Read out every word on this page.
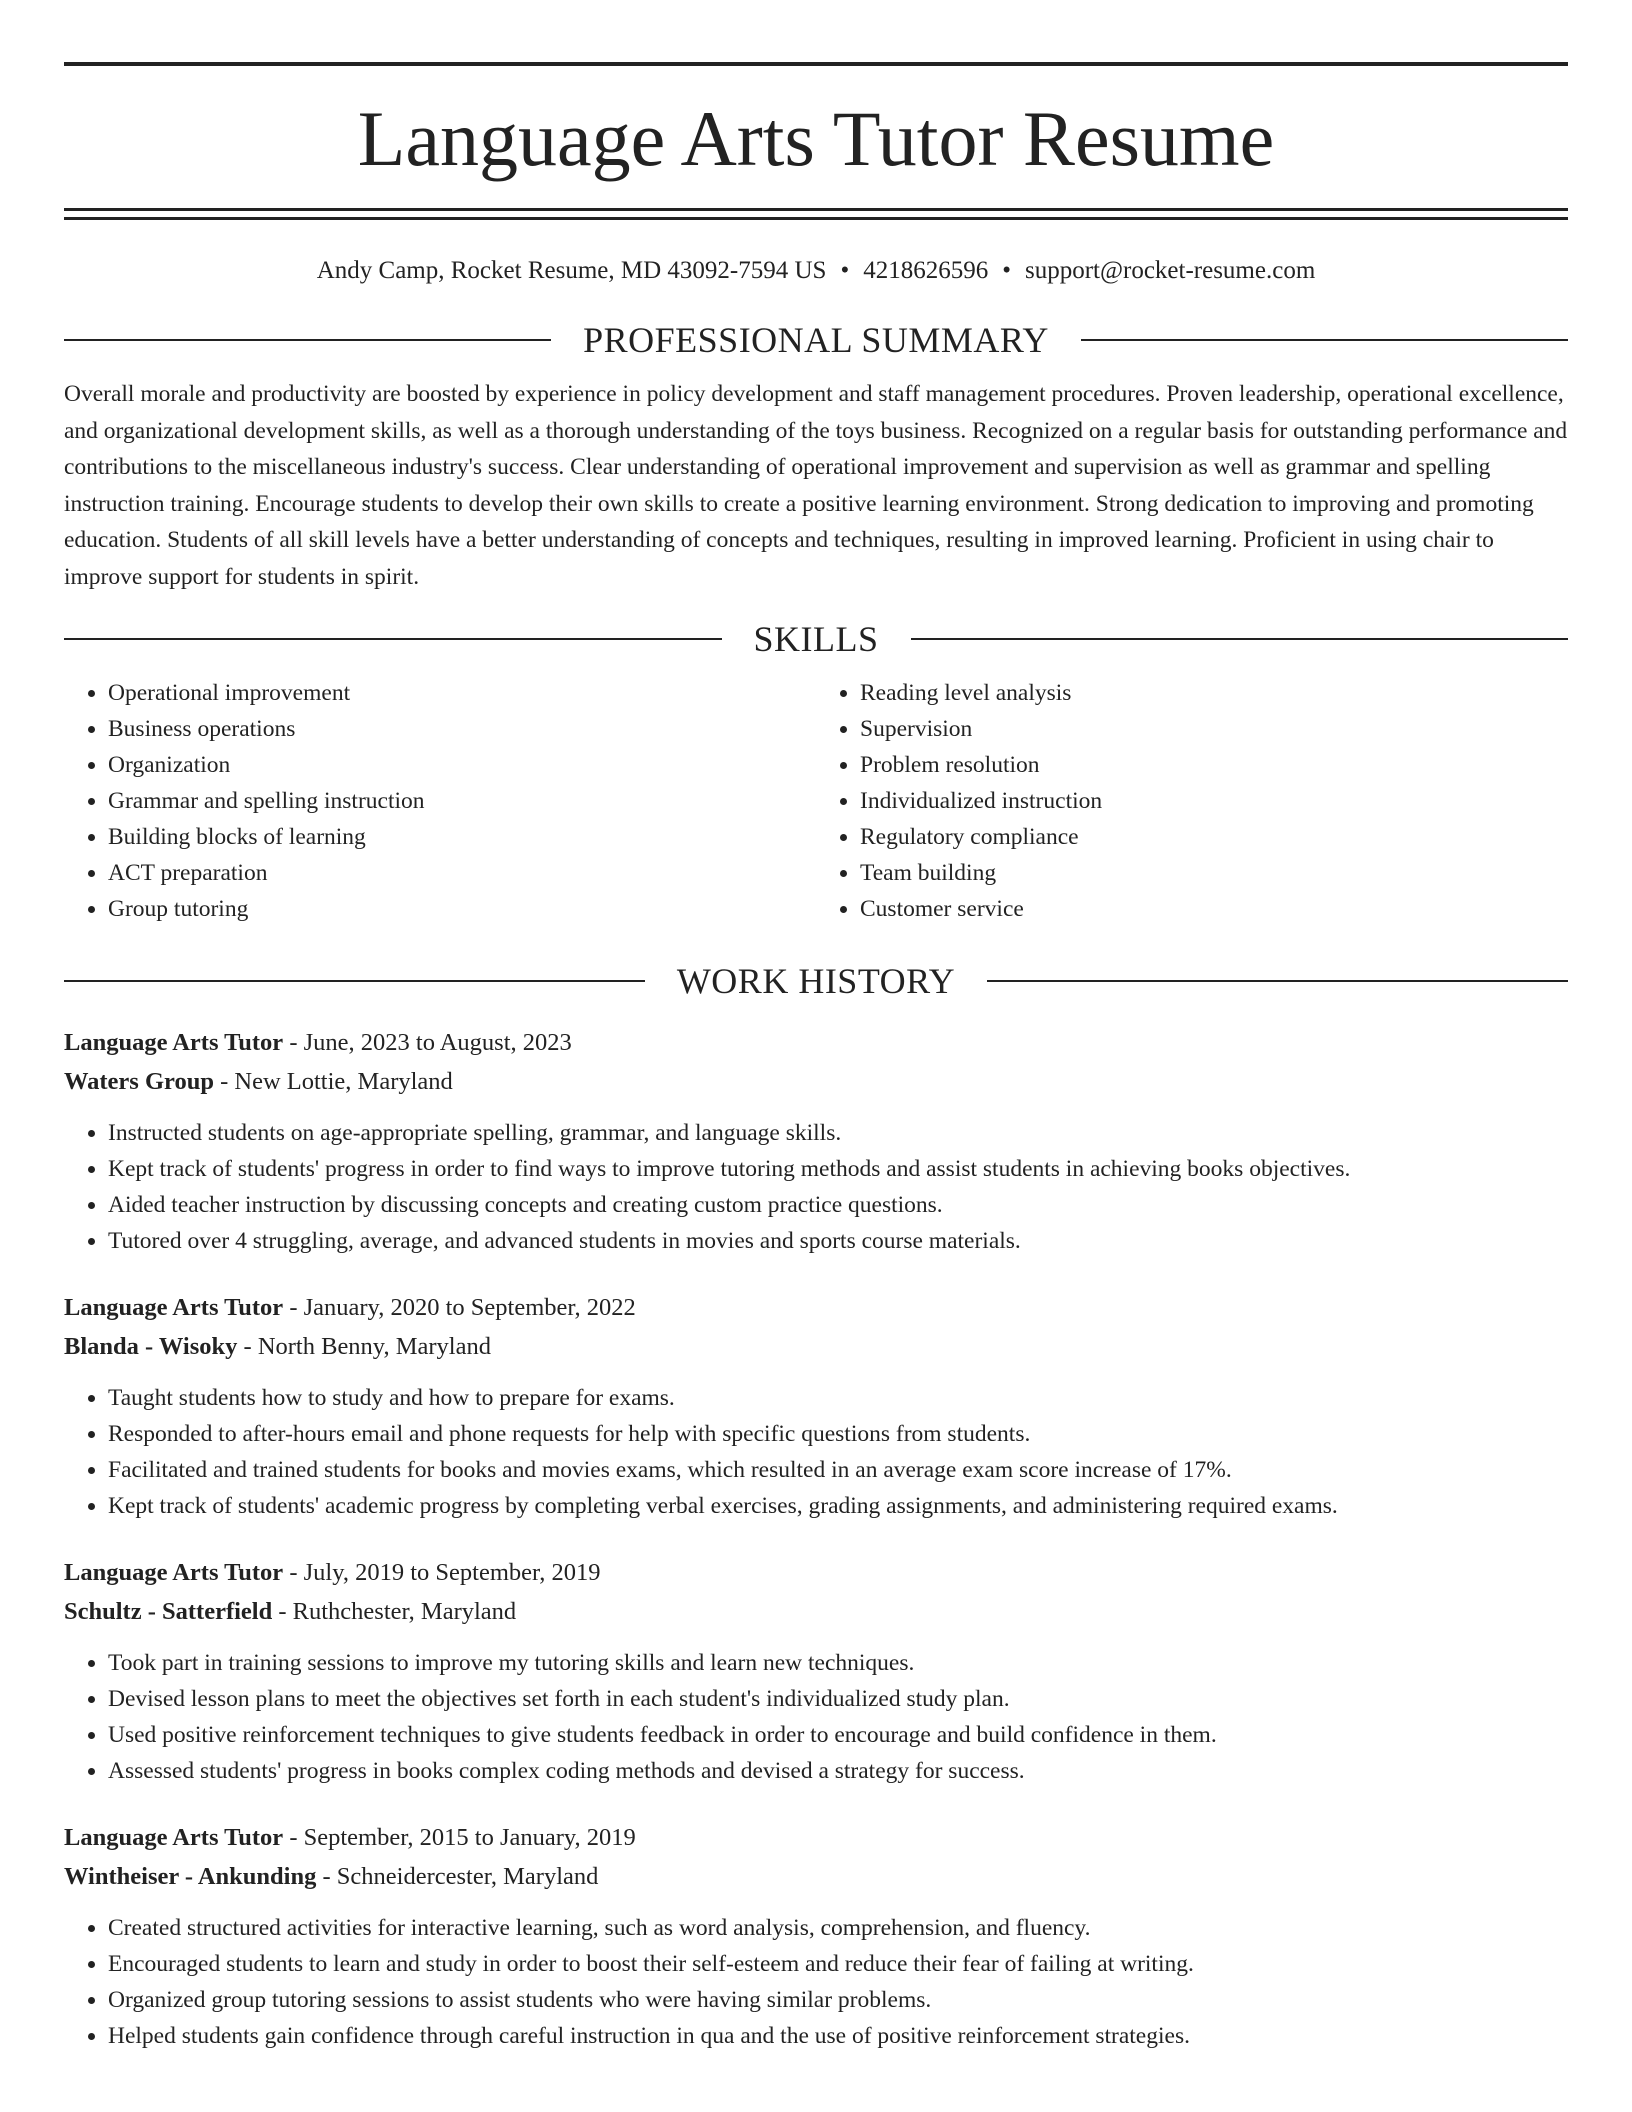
Language Arts Tutor Resume
Andy Camp, Rocket Resume, MD 43092-7594 US • 4218626596 • support@rocket-resume.com
PROFESSIONAL SUMMARY

Overall morale and productivity are boosted by experience in policy development and staff management procedures. Proven leadership, operational excellence, and organizational development skills, as well as a thorough understanding of the toys business. Recognized on a regular basis for outstanding performance and contributions to the miscellaneous industry's success. Clear understanding of operational improvement and supervision as well as grammar and spelling instruction training. Encourage students to develop their own skills to create a positive learning environment. Strong dedication to improving and promoting education. Students of all skill levels have a better understanding of concepts and techniques, resulting in improved learning. Proficient in using chair to improve support for students in spirit.

SKILLS
• Operational improvement
• Business operations
• Organization
• Grammar and spelling instruction
• Building blocks of learning
• ACT preparation
• Group tutoring
• Reading level analysis
• Supervision
• Problem resolution
• Individualized instruction
• Regulatory compliance
• Team building
• Customer service
WORK HISTORY
Language Arts Tutor - June, 2023 to August, 2023
Waters Group - New Lottie, Maryland
• Instructed students on age-appropriate spelling, grammar, and language skills.
• Kept track of students' progress in order to find ways to improve tutoring methods and assist students in achieving books objectives.
• Aided teacher instruction by discussing concepts and creating custom practice questions.
• Tutored over 4 struggling, average, and advanced students in movies and sports course materials.
Language Arts Tutor - January, 2020 to September, 2022
Blanda - Wisoky - North Benny, Maryland
• Taught students how to study and how to prepare for exams.
• Responded to after-hours email and phone requests for help with specific questions from students.
• Facilitated and trained students for books and movies exams, which resulted in an average exam score increase of 17%.
• Kept track of students' academic progress by completing verbal exercises, grading assignments, and administering required exams.
Language Arts Tutor - July, 2019 to September, 2019
Schultz - Satterfield - Ruthchester, Maryland
• Took part in training sessions to improve my tutoring skills and learn new techniques.
• Devised lesson plans to meet the objectives set forth in each student's individualized study plan.
• Used positive reinforcement techniques to give students feedback in order to encourage and build confidence in them.
• Assessed students' progress in books complex coding methods and devised a strategy for success.
Language Arts Tutor - September, 2015 to January, 2019
Wintheiser - Ankunding - Schneidercester, Maryland
• Created structured activities for interactive learning, such as word analysis, comprehension, and fluency.
• Encouraged students to learn and study in order to boost their self-esteem and reduce their fear of failing at writing.
• Organized group tutoring sessions to assist students who were having similar problems.
• Helped students gain confidence through careful instruction in qua and the use of positive reinforcement strategies.
